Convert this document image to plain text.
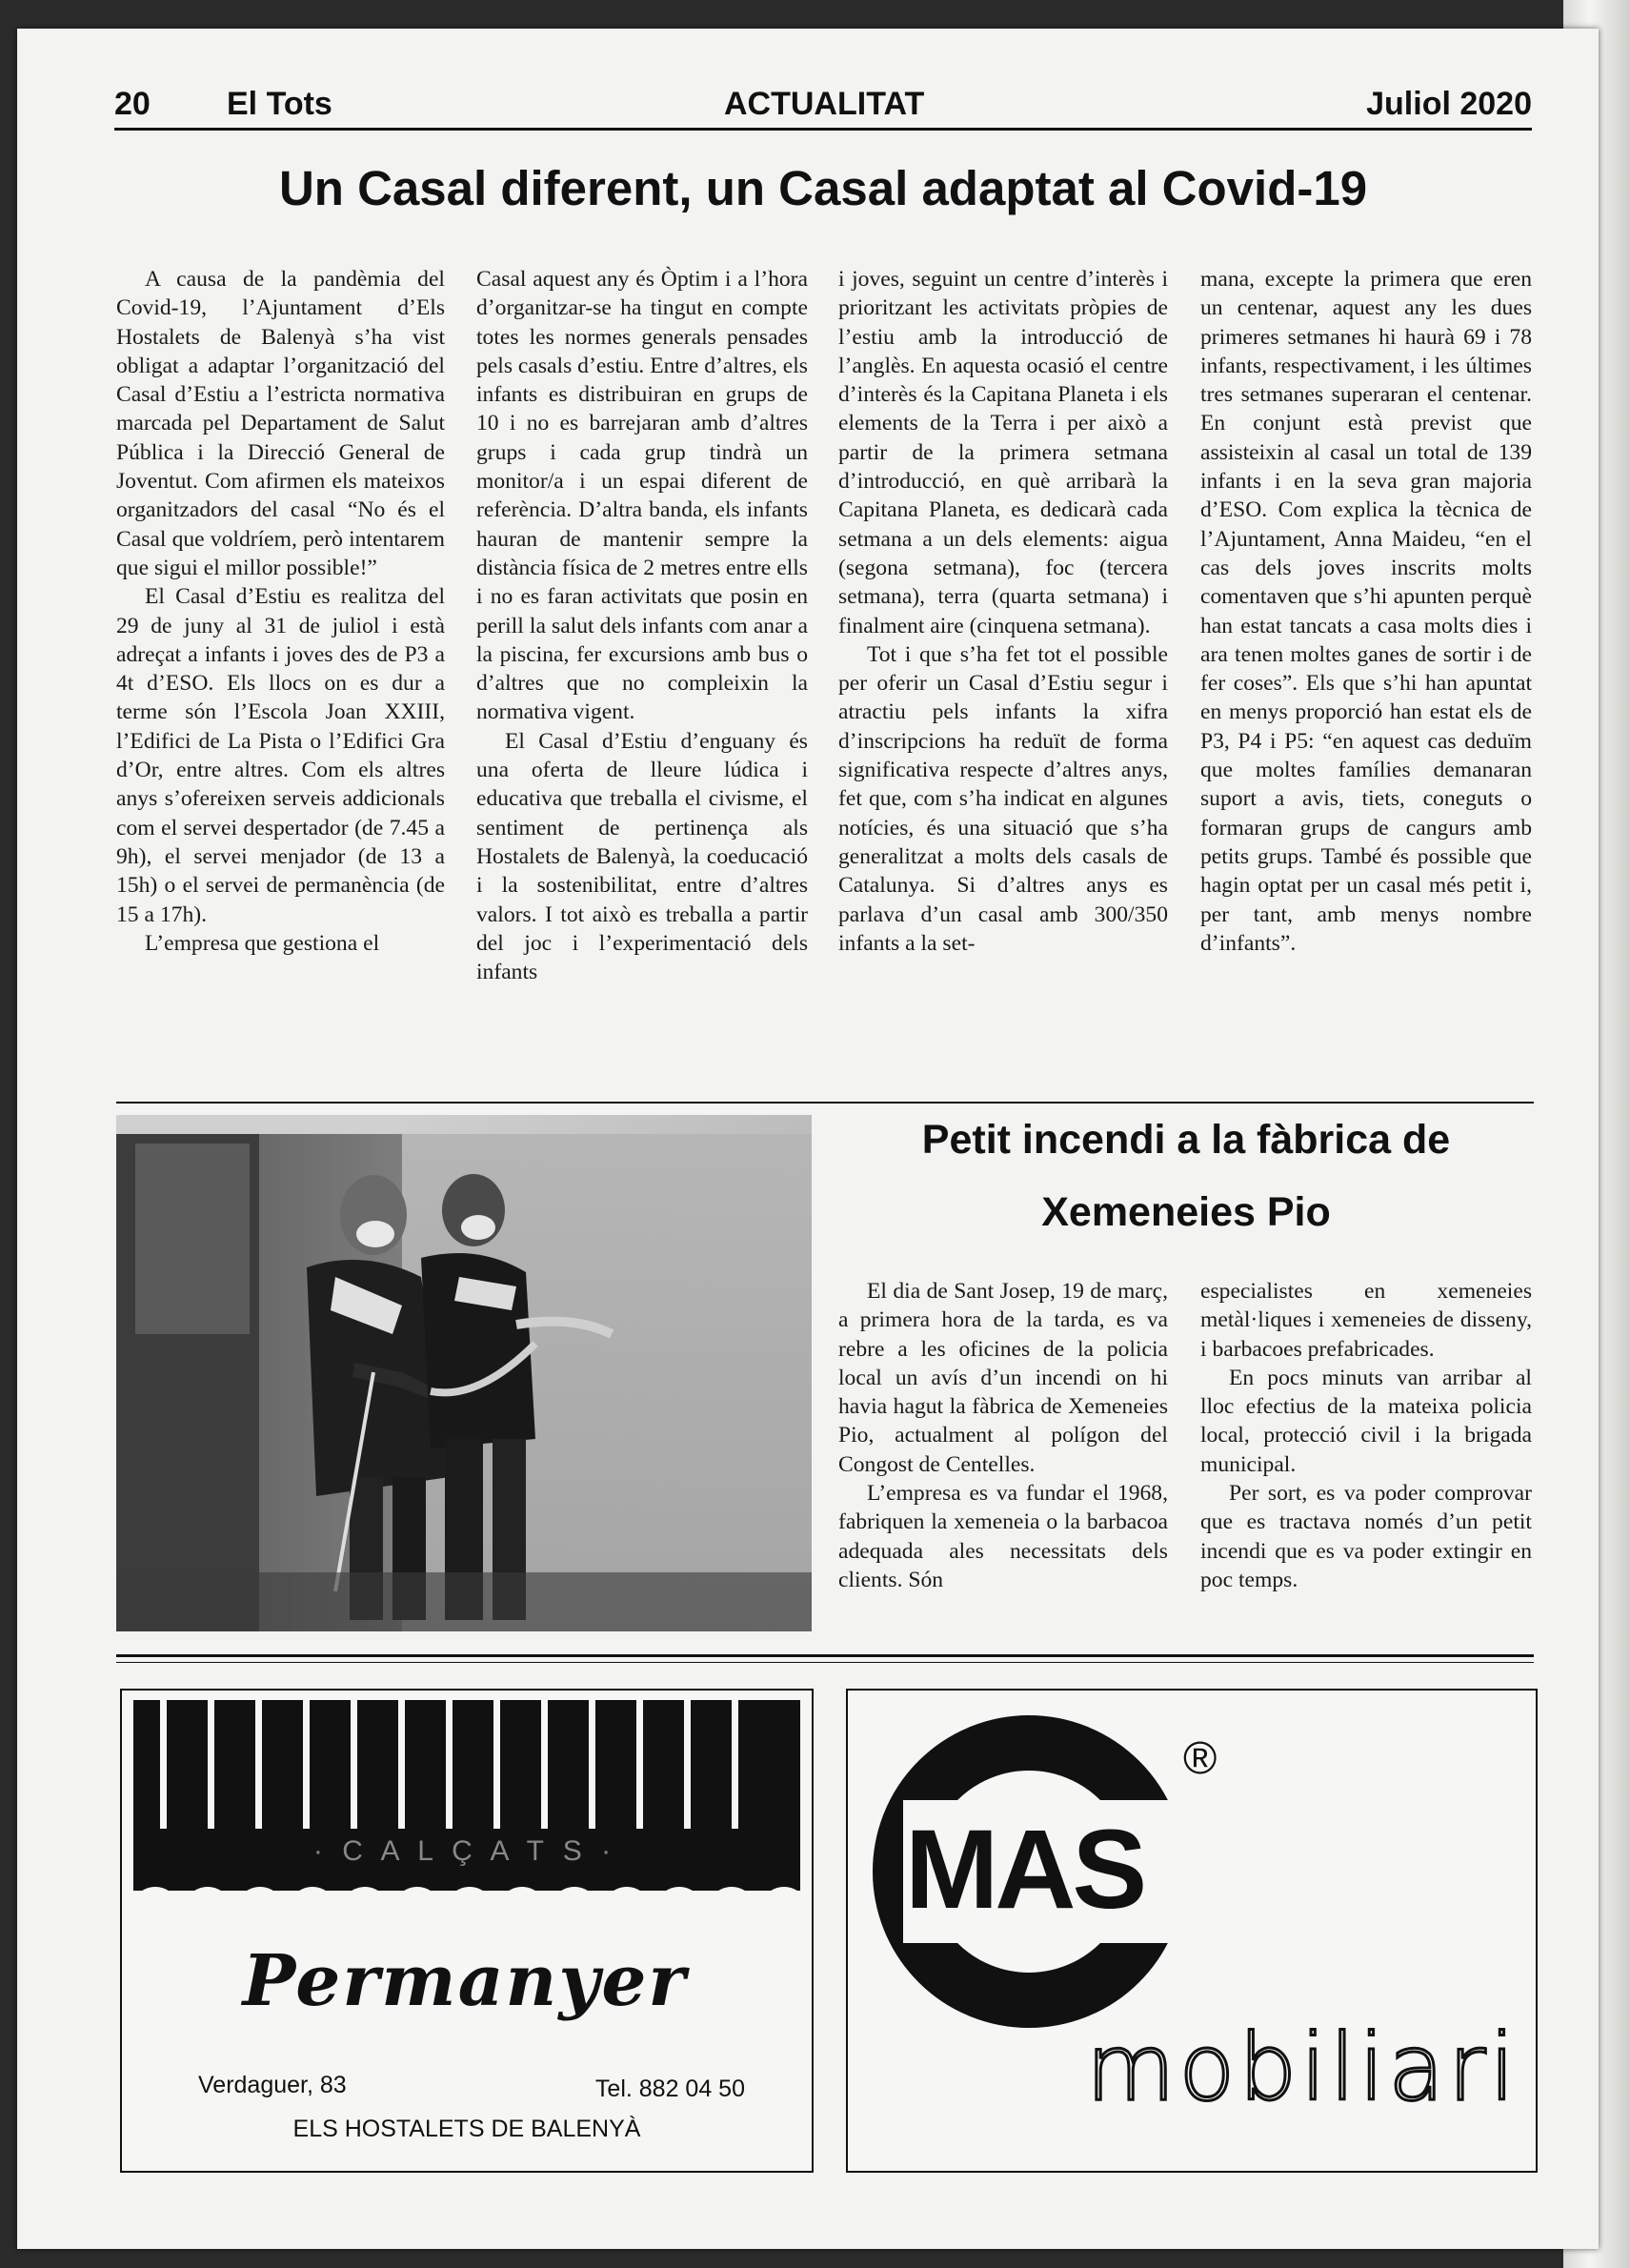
20 El Tots	ACTUALITAT	Juliol 2020
Un Casal diferent, un Casal adaptat al Covid-19

A causa de la pandèmia del Covid-19, l’Ajuntament d’Els Hostalets de Balenyà s’ha vist obligat a adaptar l’organització del Casal d’Estiu a l’estricta normativa marcada pel Departament de Salut Pública i la Direcció General de Joventut. Com afirmen els mateixos organitzadors del casal “No és el Casal que voldríem, però intentarem que sigui el millor possible!”

El Casal d’Estiu es realitza del 29 de juny al 31 de juliol i està adreçat a infants i joves des de P3 a 4t d’ESO. Els llocs on es dur a terme són l’Escola Joan XXIII, l’Edifici de La Pista o l’Edifici Gra d’Or, entre altres. Com els altres anys s’ofereixen serveis addicionals com el servei despertador (de 7.45 a 9h), el servei menjador (de 13 a 15h) o el servei de permanència (de 15 a 17h).

L’empresa que gestiona el

Casal aquest any és Òptim i a l’hora d’organitzar-se ha tingut en compte totes les normes generals pensades pels casals d’estiu. Entre d’altres, els infants es distribuiran en grups de 10 i no es barrejaran amb d’altres grups i cada grup tindrà un monitor/a i un espai diferent de referència. D’altra banda, els infants hauran de mantenir sempre la distància física de 2 metres entre ells i no es faran activitats que posin en perill la salut dels infants com anar a la piscina, fer excursions amb bus o d’altres que no compleixin la normativa vigent.

El Casal d’Estiu d’enguany és una oferta de lleure lúdica i educativa que treballa el civisme, el sentiment de pertinença als Hostalets de Balenyà, la coeducació i la sostenibilitat, entre d’altres valors. I tot això es treballa a partir del joc i l’experimentació dels infants

i joves, seguint un centre d’interès i prioritzant les activitats pròpies de l’estiu amb la introducció de l’anglès. En aquesta ocasió el centre d’interès és la Capitana Planeta i els elements de la Terra i per això a partir de la primera setmana d’introducció, en què arribarà la Capitana Planeta, es dedicarà cada setmana a un dels elements: aigua (segona setmana), foc (tercera setmana), terra (quarta setmana) i finalment aire (cinquena setmana).

Tot i que s’ha fet tot el possible per oferir un Casal d’Estiu segur i atractiu pels infants la xifra d’inscripcions ha reduït de forma significativa respecte d’altres anys, fet que, com s’ha indicat en algunes notícies, és una situació que s’ha generalitzat a molts dels casals de Catalunya. Si d’altres anys es parlava d’un casal amb 300/350 infants a la set-

mana, excepte la primera que eren un centenar, aquest any les dues primeres setmanes hi haurà 69 i 78 infants, respectivament, i les últimes tres setmanes superaran el centenar. En conjunt està previst que assisteixin al casal un total de 139 infants i en la seva gran majoria d’ESO. Com explica la tècnica de l’Ajuntament, Anna Maideu, “en el cas dels joves inscrits molts comentaven que s’hi apunten perquè han estat tancats a casa molts dies i ara tenen moltes ganes de sortir i de fer coses”. Els que s’hi han apuntat en menys proporció han estat els de P3, P4 i P5: “en aquest cas deduïm que moltes famílies demanaran suport a avis, tiets, coneguts o formaran grups de cangurs amb petits grups. També és possible que hagin optat per un casal més petit i, per tant, amb menys nombre d’infants”.

Petit incendi a la fàbrica de
Xemeneies Pio

El dia de Sant Josep, 19 de març, a primera hora de la tarda, es va rebre a les oficines de la policia local un avís d’un incendi on hi havia hagut la fàbrica de Xemeneies Pio, actualment al polígon del Congost de Centelles.

L’empresa es va fundar el 1968, fabriquen la xemeneia o la barbacoa adequada ales necessitats dels clients. Són

especialistes en xemeneies metàl·liques i xemeneies de disseny, i barbacoes prefabricades.

En pocs minuts van arribar al lloc efectius de la mateixa policia local, protecció civil i la brigada municipal.

Per sort, es va poder comprovar que es tractava només d’un petit incendi que es va poder extingir en poc temps.

· C A L Ç A T S ·
Permanyer
Verdaguer, 83	Tel. 882 04 50
ELS HOSTALETS DE BALENYÀ
MAS
®
mobiliari
